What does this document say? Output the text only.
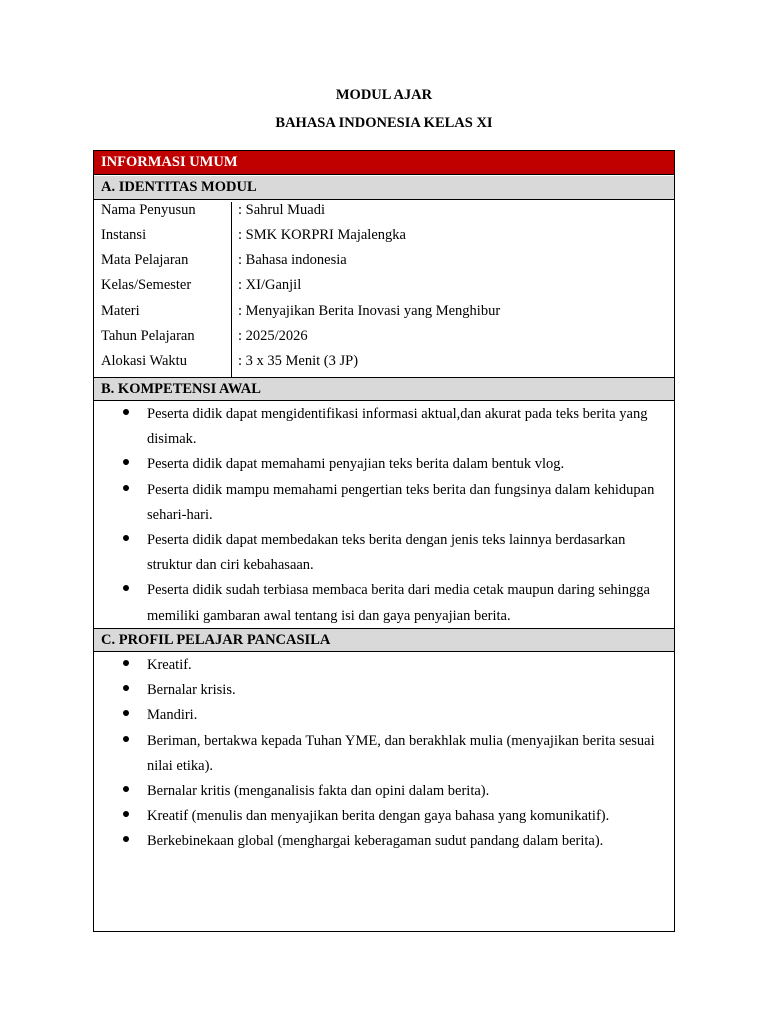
MODUL AJAR
BAHASA INDONESIA KELAS XI
INFORMASI UMUM
A. IDENTITAS MODUL
Nama Penyusun	: Sahrul Muadi
Instansi	: SMK KORPRI Majalengka
Mata Pelajaran	: Bahasa indonesia
Kelas/Semester	: XI/Ganjil
Materi	: Menyajikan Berita Inovasi yang Menghibur
Tahun Pelajaran	: 2025/2026
Alokasi Waktu	: 3 x 35 Menit (3 JP)
B. KOMPETENSI AWAL
Peserta didik dapat mengidentifikasi informasi aktual,dan akurat pada teks berita yang disimak.
Peserta didik dapat memahami penyajian teks berita dalam bentuk vlog.
Peserta didik mampu memahami pengertian teks berita dan fungsinya dalam kehidupan sehari-hari.
Peserta didik dapat membedakan teks berita dengan jenis teks lainnya berdasarkan struktur dan ciri kebahasaan.
Peserta didik sudah terbiasa membaca berita dari media cetak maupun daring sehingga memiliki gambaran awal tentang isi dan gaya penyajian berita.
C. PROFIL PELAJAR PANCASILA
Kreatif.
Bernalar krisis.
Mandiri.
Beriman, bertakwa kepada Tuhan YME, dan berakhlak mulia (menyajikan berita sesuai nilai etika).
Bernalar kritis (menganalisis fakta dan opini dalam berita).
Kreatif (menulis dan menyajikan berita dengan gaya bahasa yang komunikatif).
Berkebinekaan global (menghargai keberagaman sudut pandang dalam berita).
